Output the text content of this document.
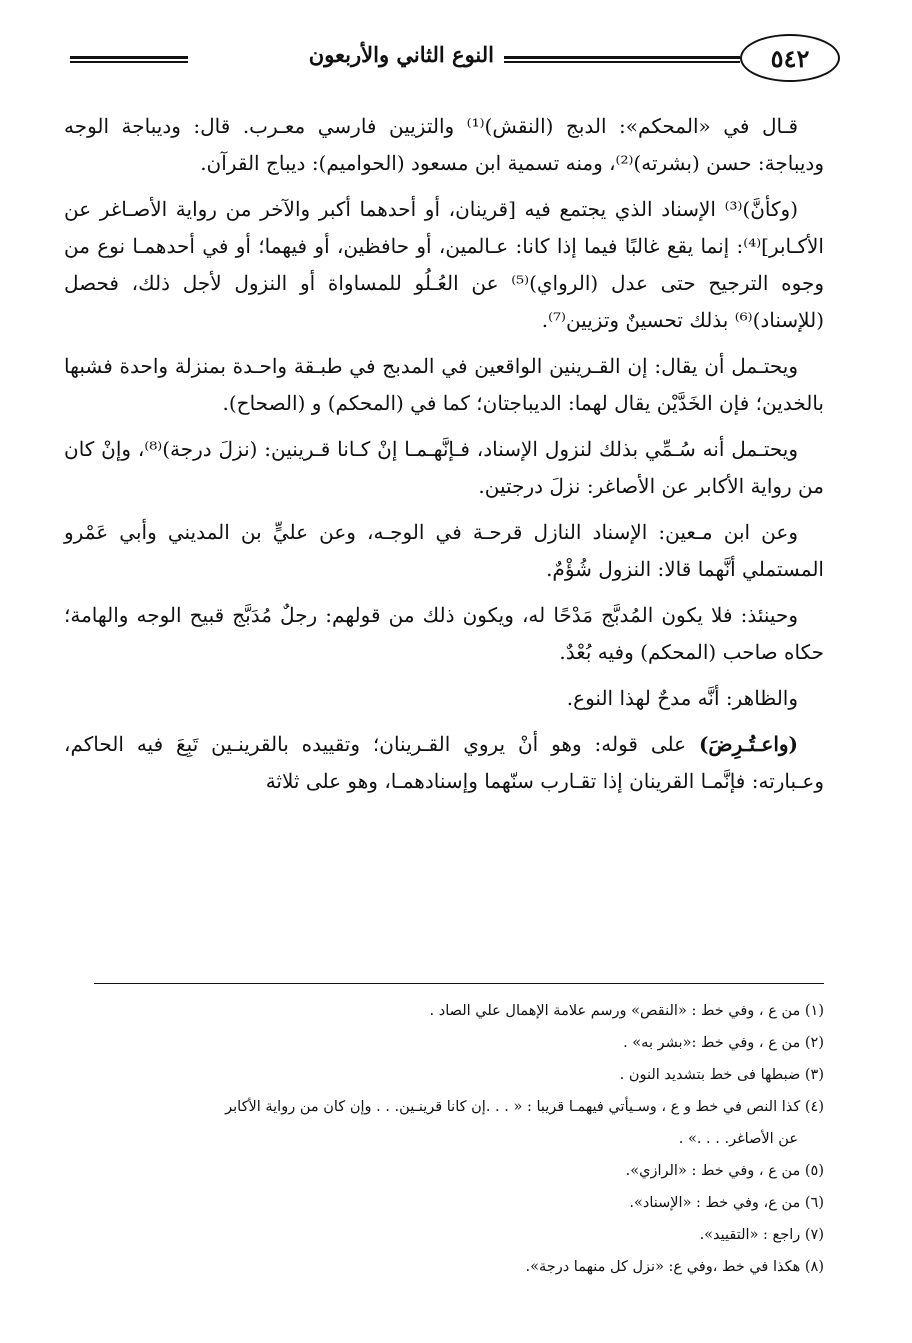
٥٤٢
النوع الثاني والأربعون

قـال في «المحكم»: الدبج (النقش)⁽¹⁾ والتزيين فارسي معـرب. قال: وديباجة الوجه وديباجة: حسن (بشرته)⁽²⁾، ومنه تسمية ابن مسعود (الحواميم): ديباج القرآن.

(وكأنَّ)⁽³⁾ الإسناد الذي يجتمع فيه [قرينان، أو أحدهما أكبر والآخر من رواية الأصـاغر عن الأكـابر]⁽⁴⁾: إنما يقع غالبًا فيما إذا كانا: عـالمين، أو حافظين، أو فيهما؛ أو في أحدهمـا نوع من وجوه الترجيح حتى عدل (الرواي)⁽⁵⁾ عن العُـلُو للمساواة أو النزول لأجل ذلك، فحصل (للإسناد)⁽⁶⁾ بذلك تحسينٌ وتزيين⁽⁷⁾.

ويحتـمل أن يقال: إن القـرينين الواقعين في المدبج في طبـقة واحـدة بمنزلة واحدة فشبها بالخدين؛ فإن الخَدَّيْن يقال لهما: الديباجتان؛ كما في (المحكم) و (الصحاح).

ويحتـمل أنه سُـمِّي بذلك لنزول الإسناد، فـإنَّهـمـا إنْ كـانا قـرينين: (نزلَ درجة)⁽⁸⁾، وإنْ كان من رواية الأكابر عن الأصاغر: نزلَ درجتين.

وعن ابن مـعين: الإسناد النازل قرحـة في الوجـه، وعن عليٍّ بن المديني وأبي عَمْرو المستملي أنَّهما قالا: النزول شُؤْمٌ.

وحينئذ: فلا يكون المُدبَّج مَدْحًا له، ويكون ذلك من قولهم: رجلٌ مُدَبَّج قبيح الوجه والهامة؛ حكاه صاحب (المحكم) وفيه بُعْدٌ.

والظاهر: أنَّه مدحٌ لهذا النوع.

(واعـتُـرِضَ) على قوله: وهو أنْ يروي القـرينان؛ وتقييده بالقرينـين تَبِعَ فيه الحاكم، وعـبارته: فإنَّمـا القرينان إذا تقـارب سنّهما وإسنادهمـا، وهو على ثلاثة

(١) من ع ، وفي خط : «النقص» ورسم علامة الإهمال علي الصاد .

(٢) من ع ، وفي خط :«بشر به» .

(٣) ضبطها فى خط بتشديد النون .

(٤) كذا النص في خط و ع ، وسـيأتي فيهمـا قريبا : « . . .إن كانا قرينـين. . . وإن كان من رواية الأكابر

عن الأصاغر. . . .» .

(٥) من ع ، وفي خط : «الرازي».

(٦) من ع، وفي خط : «الإسناد».

(٧) راجع : «التقييد».

(٨) هكذا في خط ،وفي ع: «نزل كل منهما درجة».
